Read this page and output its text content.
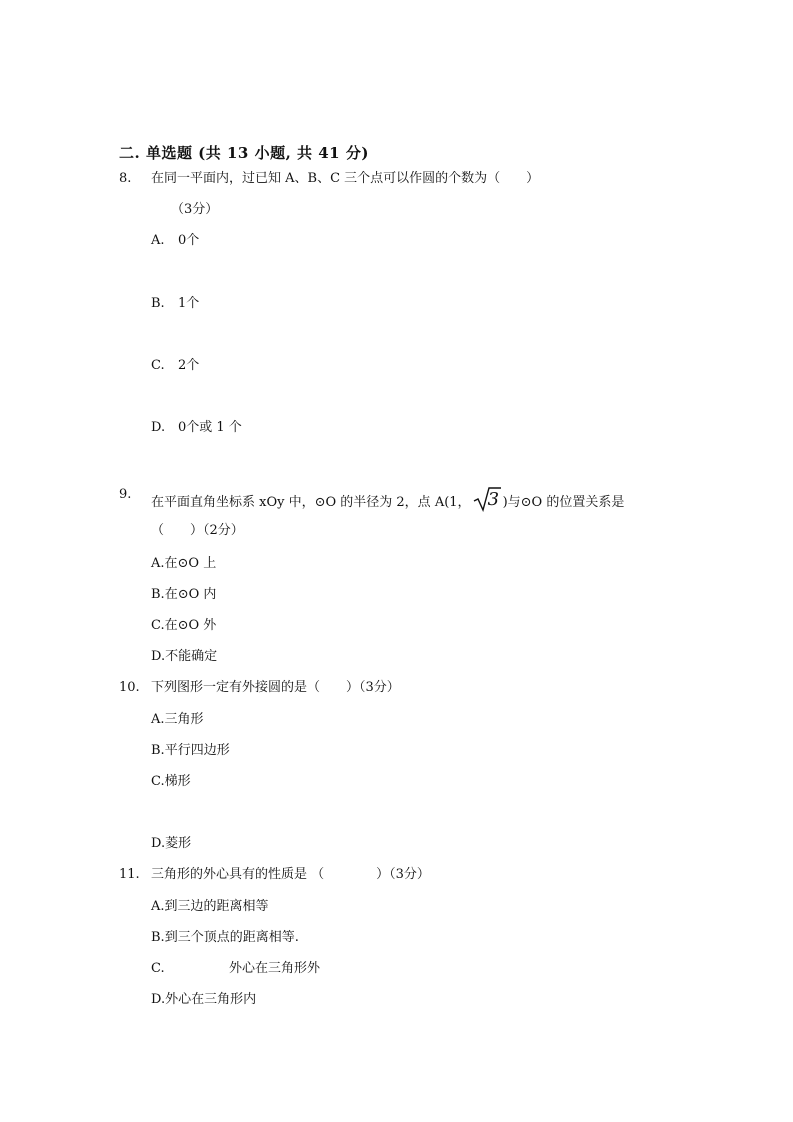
二. 单选题 (共 13 小题, 共 41 分)
8. 在同一平面内，过已知 A、B、C 三个点可以作圆的个数为（　　）
（3分）
A. 0个
B. 1个
C. 2个
D. 0个或 1 个
9.
在平面直角坐标系 xOy 中，⊙O 的半径为 2，点 A(1， 3 )与⊙O 的位置关系是
（　　）（2分）
A.在⊙O 上
B.在⊙O 内
C.在⊙O 外
D.不能确定
10. 下列图形一定有外接圆的是（　　）（3分）
A.三角形
B.平行四边形
C.梯形
D.菱形
11. 三角形的外心具有的性质是 （　　　　）（3分）
A.到三边的距离相等
B.到三个顶点的距离相等.
C.	外心在三角形外
D.外心在三角形内
